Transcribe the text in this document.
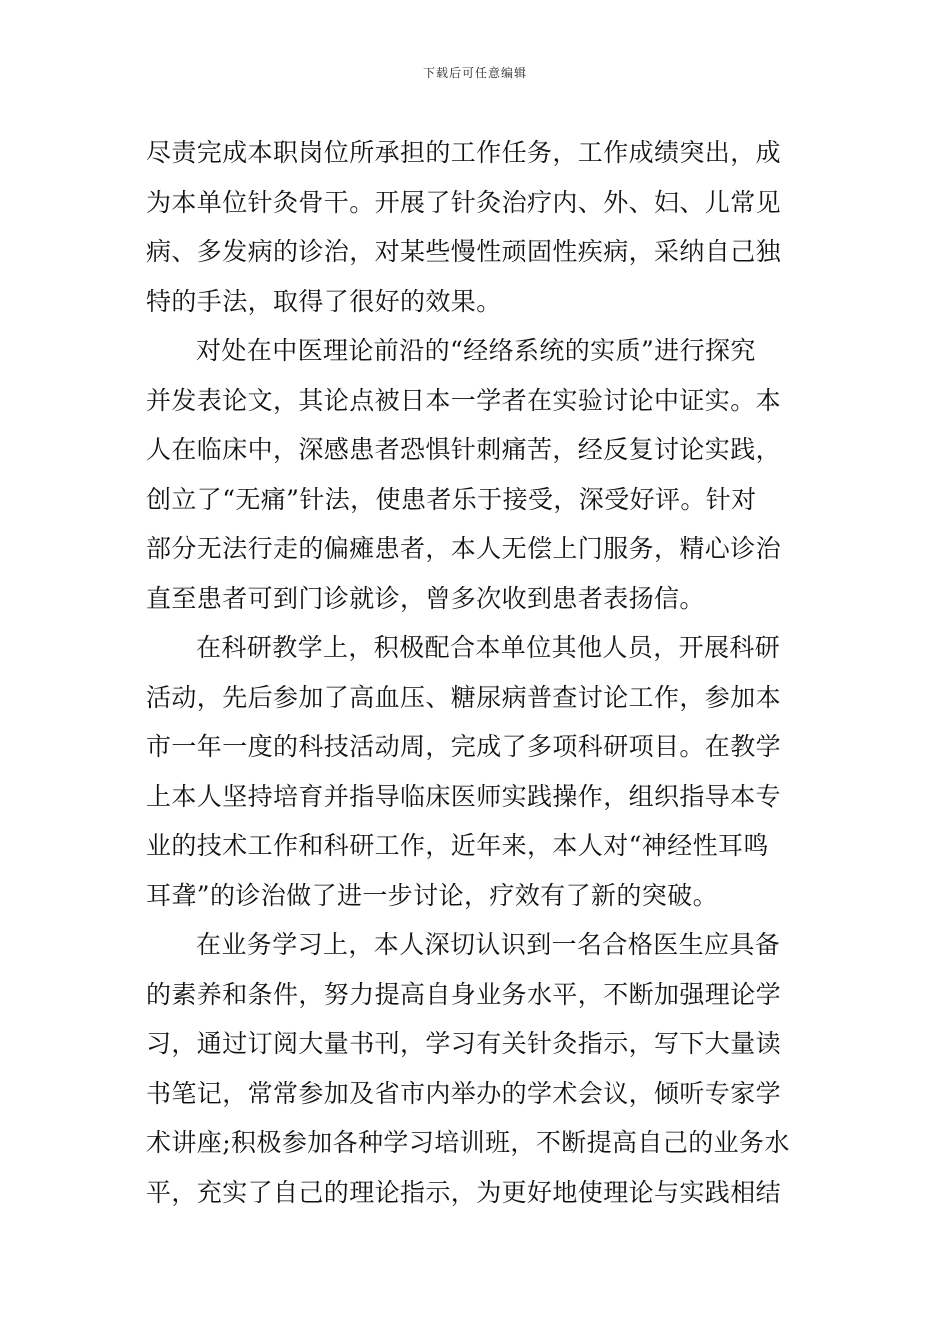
下载后可任意编辑
尽责完成本职岗位所承担的工作任务，工作成绩突出，成
为本单位针灸骨干。开展了针灸治疗内、外、妇、儿常见
病、多发病的诊治，对某些慢性顽固性疾病，采纳自己独
特的手法，取得了很好的效果。
对处在中医理论前沿的“经络系统的实质”进行探究
并发表论文，其论点被日本一学者在实验讨论中证实。本
人在临床中，深感患者恐惧针刺痛苦，经反复讨论实践，
创立了“无痛”针法，使患者乐于接受，深受好评。针对
部分无法行走的偏瘫患者，本人无偿上门服务，精心诊治
直至患者可到门诊就诊，曾多次收到患者表扬信。
在科研教学上，积极配合本单位其他人员，开展科研
活动，先后参加了高血压、糖尿病普查讨论工作，参加本
市一年一度的科技活动周，完成了多项科研项目。在教学
上本人坚持培育并指导临床医师实践操作，组织指导本专
业的技术工作和科研工作，近年来，本人对“神经性耳鸣
耳聋”的诊治做了进一步讨论，疗效有了新的突破。
在业务学习上，本人深切认识到一名合格医生应具备
的素养和条件，努力提高自身业务水平，不断加强理论学
习，通过订阅大量书刊，学习有关针灸指示，写下大量读
书笔记，常常参加及省市内举办的学术会议，倾听专家学
术讲座;积极参加各种学习培训班，不断提高自己的业务水
平，充实了自己的理论指示，为更好地使理论与实践相结
